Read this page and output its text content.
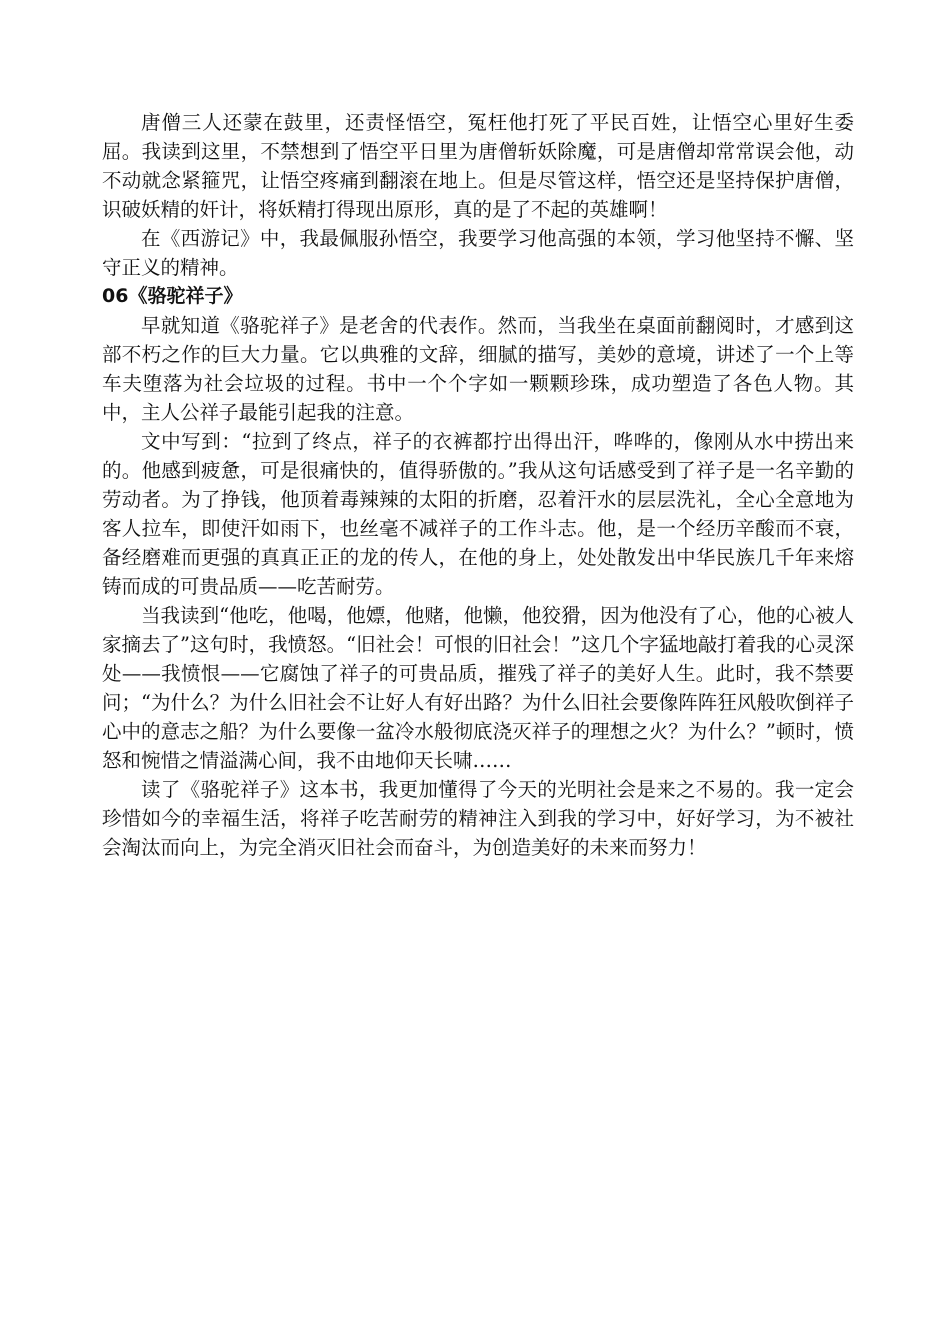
唐僧三人还蒙在鼓里，还责怪悟空，冤枉他打死了平民百姓，让悟空心里好生委屈。我读到这里，不禁想到了悟空平日里为唐僧斩妖除魔，可是唐僧却常常误会他，动不动就念紧箍咒，让悟空疼痛到翻滚在地上。但是尽管这样，悟空还是坚持保护唐僧，识破妖精的奸计，将妖精打得现出原形，真的是了不起的英雄啊！

在《西游记》中，我最佩服孙悟空，我要学习他高强的本领，学习他坚持不懈、坚守正义的精神。

06《骆驼祥子》

早就知道《骆驼祥子》是老舍的代表作。然而，当我坐在桌面前翻阅时，才感到这部不朽之作的巨大力量。它以典雅的文辞，细腻的描写，美妙的意境，讲述了一个上等车夫堕落为社会垃圾的过程。书中一个个字如一颗颗珍珠，成功塑造了各色人物。其中，主人公祥子最能引起我的注意。

文中写到：“拉到了终点，祥子的衣裤都拧出得出汗，哗哗的，像刚从水中捞出来的。他感到疲惫，可是很痛快的，值得骄傲的。”我从这句话感受到了祥子是一名辛勤的劳动者。为了挣钱，他顶着毒辣辣的太阳的折磨，忍着汗水的层层洗礼，全心全意地为客人拉车，即使汗如雨下，也丝毫不减祥子的工作斗志。他，是一个经历辛酸而不衰，备经磨难而更强的真真正正的龙的传人，在他的身上，处处散发出中华民族几千年来熔铸而成的可贵品质——吃苦耐劳。

当我读到“他吃，他喝，他嫖，他赌，他懒，他狡猾，因为他没有了心，他的心被人家摘去了”这句时，我愤怒。“旧社会！可恨的旧社会！”这几个字猛地敲打着我的心灵深处——我愤恨——它腐蚀了祥子的可贵品质，摧残了祥子的美好人生。此时，我不禁要问；“为什么？为什么旧社会不让好人有好出路？为什么旧社会要像阵阵狂风般吹倒祥子心中的意志之船？为什么要像一盆冷水般彻底浇灭祥子的理想之火？为什么？”顿时，愤怒和惋惜之情溢满心间，我不由地仰天长啸……

读了《骆驼祥子》这本书，我更加懂得了今天的光明社会是来之不易的。我一定会珍惜如今的幸福生活，将祥子吃苦耐劳的精神注入到我的学习中，好好学习，为不被社会淘汰而向上，为完全消灭旧社会而奋斗，为创造美好的未来而努力！
